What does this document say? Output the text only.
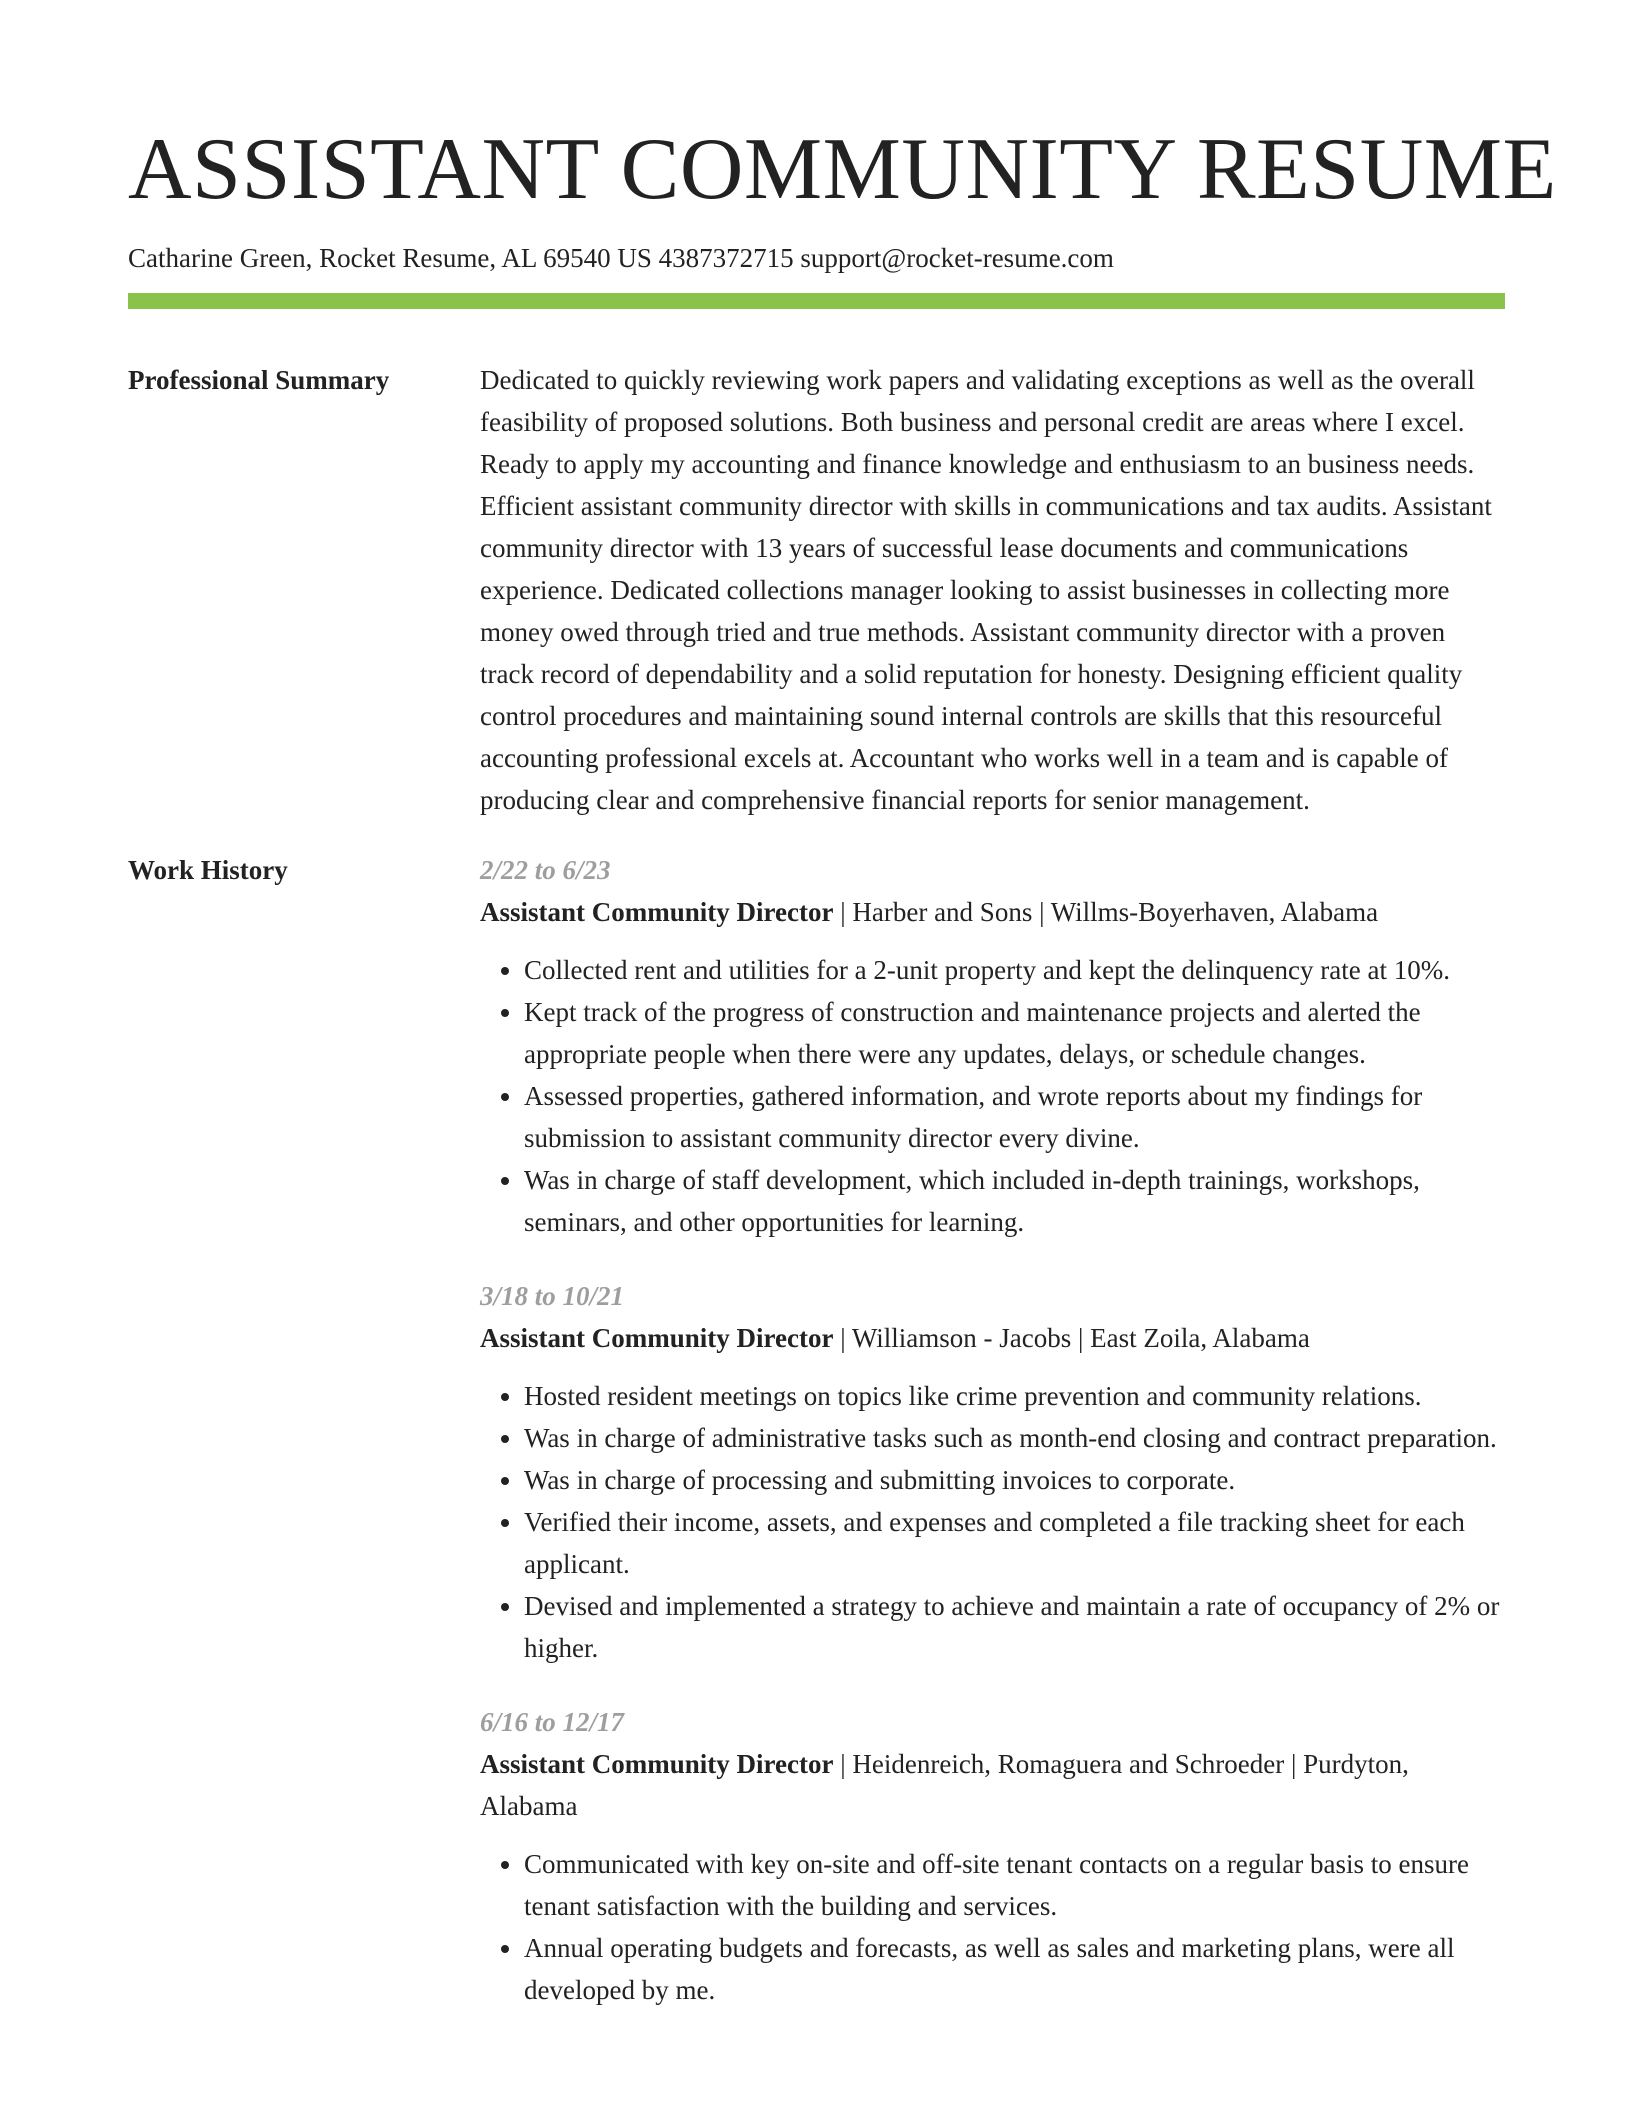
ASSISTANT COMMUNITY RESUME
Catharine Green, Rocket Resume, AL 69540 US 4387372715 support@rocket-resume.com
Professional Summary	Dedicated to quickly reviewing work papers and validating exceptions as well as the overall feasibility of proposed solutions. Both business and personal credit are areas where I excel. Ready to apply my accounting and finance knowledge and enthusiasm to an business needs. Efficient assistant community director with skills in communications and tax audits. Assistant community director with 13 years of successful lease documents and communications experience. Dedicated collections manager looking to assist businesses in collecting more money owed through tried and true methods. Assistant community director with a proven track record of dependability and a solid reputation for honesty. Designing efficient quality control procedures and maintaining sound internal controls are skills that this resourceful accounting professional excels at. Accountant who works well in a team and is capable of producing clear and comprehensive financial reports for senior management.
Work History	2/22 to 6/23
Assistant Community Director | Harber and Sons | Willms-Boyerhaven, Alabama
• Collected rent and utilities for a 2-unit property and kept the delinquency rate at 10%.
• Kept track of the progress of construction and maintenance projects and alerted the appropriate people when there were any updates, delays, or schedule changes.
• Assessed properties, gathered information, and wrote reports about my findings for submission to assistant community director every divine.
• Was in charge of staff development, which included in-depth trainings, workshops, seminars, and other opportunities for learning.
3/18 to 10/21
Assistant Community Director | Williamson - Jacobs | East Zoila, Alabama
• Hosted resident meetings on topics like crime prevention and community relations.
• Was in charge of administrative tasks such as month-end closing and contract preparation.
• Was in charge of processing and submitting invoices to corporate.
• Verified their income, assets, and expenses and completed a file tracking sheet for each applicant.
• Devised and implemented a strategy to achieve and maintain a rate of occupancy of 2% or higher.
6/16 to 12/17
Assistant Community Director | Heidenreich, Romaguera and Schroeder | Purdyton, Alabama
• Communicated with key on-site and off-site tenant contacts on a regular basis to ensure tenant satisfaction with the building and services.
• Annual operating budgets and forecasts, as well as sales and marketing plans, were all developed by me.
